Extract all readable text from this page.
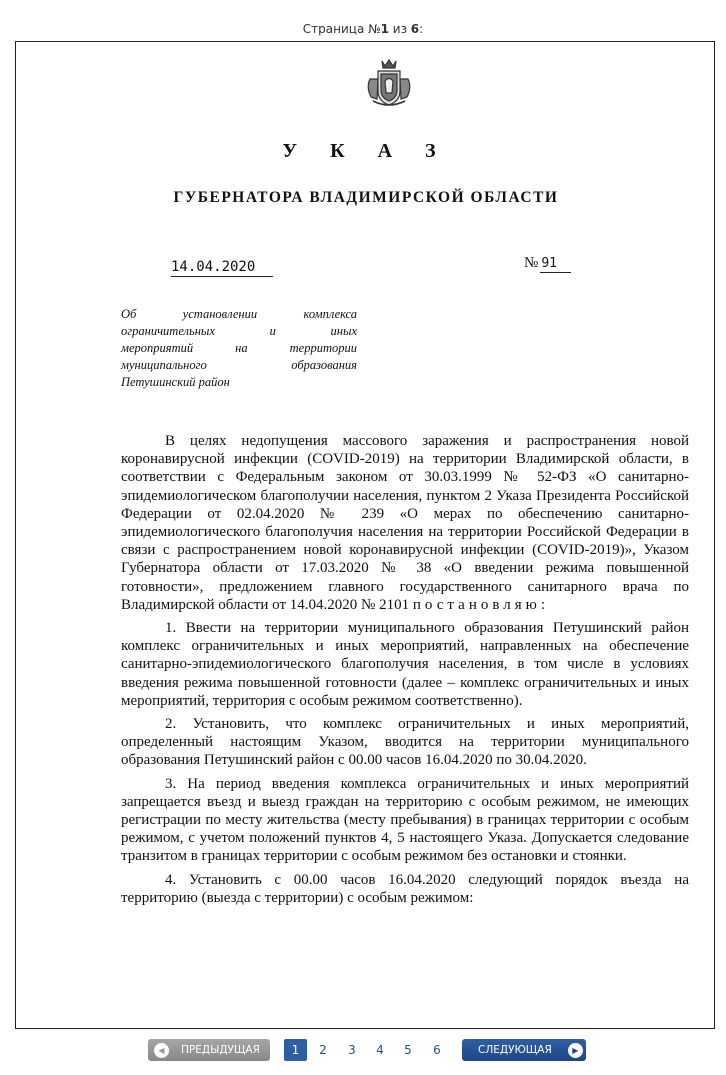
Страница №1 из 6:
У К А З
ГУБЕРНАТОРА ВЛАДИМИРСКОЙ ОБЛАСТИ
14.04.2020	№ 91
Об установлении комплекса
ограничительных и иных
мероприятий на территории
муниципального образования
Петушинский район

В целях недопущения массового заражения и распространения новой коронавирусной инфекции (COVID-2019) на территории Владимирской области, в соответствии с Федеральным законом от 30.03.1999 № 52-ФЗ «О санитарно-эпидемиологическом благополучии населения, пунктом 2 Указа Президента Российской Федерации от 02.04.2020 № 239 «О мерах по обеспечению санитарно-эпидемиологического благополучия населения на территории Российской Федерации в связи с распространением новой коронавирусной инфекции (COVID-2019)», Указом Губернатора области от 17.03.2020 № 38 «О введении режима повышенной готовности», предложением главного государственного санитарного врача по Владимирской области от 14.04.2020 № 2101 постановляю:

1. Ввести на территории муниципального образования Петушинский район комплекс ограничительных и иных мероприятий, направленных на обеспечение санитарно-эпидемиологического благополучия населения, в том числе в условиях введения режима повышенной готовности (далее – комплекс ограничительных и иных мероприятий, территория с особым режимом соответственно).

2. Установить, что комплекс ограничительных и иных мероприятий, определенный настоящим Указом, вводится на территории муниципального образования Петушинский район с 00.00 часов 16.04.2020 по 30.04.2020.

3. На период введения комплекса ограничительных и иных мероприятий запрещается въезд и выезд граждан на территорию с особым режимом, не имеющих регистрации по месту жительства (месту пребывания) в границах территории с особым режимом, с учетом положений пунктов 4, 5 настоящего Указа. Допускается следование транзитом в границах территории с особым режимом без остановки и стоянки.

4. Установить с 00.00 часов 16.04.2020 следующий порядок въезда на территорию (выезда с территории) с особым режимом:

◀	ПРЕДЫДУЩАЯ	1	2 3 4 5 6	СЛЕДУЮЩАЯ	▶
